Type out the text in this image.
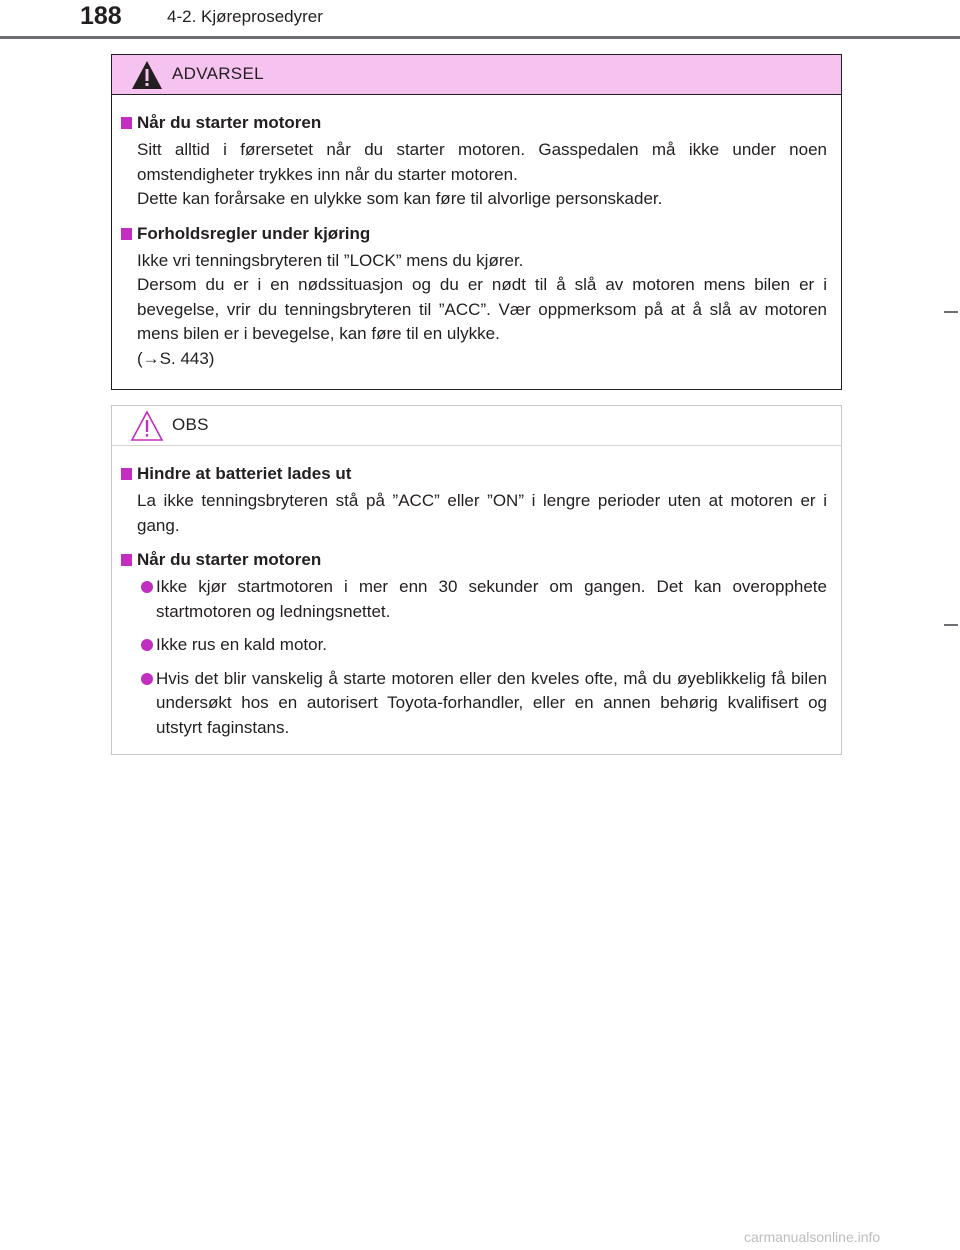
188	4-2. Kjøreprosedyrer
ADVARSEL
Når du starter motoren
Sitt alltid i førersetet når du starter motoren. Gasspedalen må ikke under noen omstendigheter trykkes inn når du starter motoren.
Dette kan forårsake en ulykke som kan føre til alvorlige personskader.
Forholdsregler under kjøring
Ikke vri tenningsbryteren til ”LOCK” mens du kjører.
Dersom du er i en nødssituasjon og du er nødt til å slå av motoren mens bilen er i bevegelse, vrir du tenningsbryteren til ”ACC”. Vær oppmerksom på at å slå av motoren mens bilen er i bevegelse, kan føre til en ulykke.
(→S. 443)
OBS
Hindre at batteriet lades ut
La ikke tenningsbryteren stå på ”ACC” eller ”ON” i lengre perioder uten at motoren er i gang.
Når du starter motoren
Ikke kjør startmotoren i mer enn 30 sekunder om gangen. Det kan overopphete startmotoren og ledningsnettet.
Ikke rus en kald motor.
Hvis det blir vanskelig å starte motoren eller den kveles ofte, må du øyeblikkelig få bilen undersøkt hos en autorisert Toyota-forhandler, eller en annen behørig kvalifisert og utstyrt faginstans.
carmanualsonline.info
